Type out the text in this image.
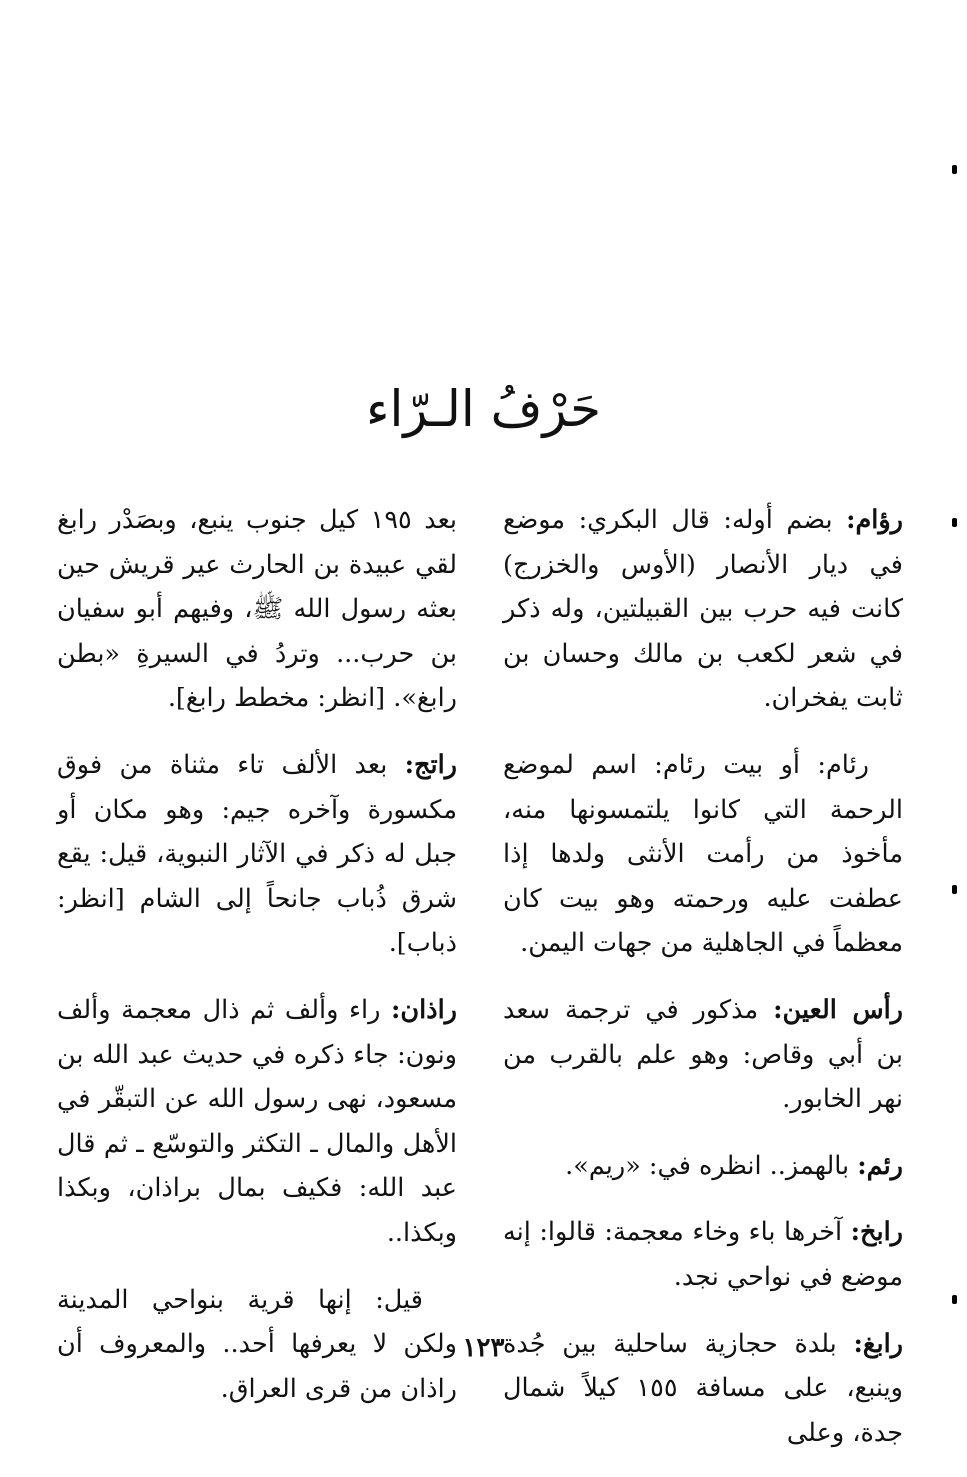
حَرْفُ الـرّاء

رؤام: بضم أوله: قال البكري: موضع في ديار الأنصار (الأوس والخزرج) كانت فيه حرب بين القبيلتين، وله ذكر في شعر لكعب بن مالك وحسان بن ثابت يفخران.

رئام: أو بيت رئام: اسم لموضع الرحمة التي كانوا يلتمسونها منه، مأخوذ من رأمت الأنثى ولدها إذا عطفت عليه ورحمته وهو بيت كان معظماً في الجاهلية من جهات اليمن.

رأس العين: مذكور في ترجمة سعد بن أبي وقاص: وهو علم بالقرب من نهر الخابور.

رئم: بالهمز.. انظره في: «ريم».

رابخ: آخرها باء وخاء معجمة: قالوا: إنه موضع في نواحي نجد.

رابغ: بلدة حجازية ساحلية بين جُدة وينبع، على مسافة ١٥٥ كيلاً شمال جدة، وعلى

بعد ١٩٥ كيل جنوب ينبع، وبصَدْر رابغ لقي عبيدة بن الحارث عير قريش حين بعثه رسول الله ﷺ، وفيهم أبو سفيان بن حرب... وتردُ في السيرةِ «بطن رابغ». [انظر: مخطط رابغ].

راتج: بعد الألف تاء مثناة من فوق مكسورة وآخره جيم: وهو مكان أو جبل له ذكر في الآثار النبوية، قيل: يقع شرق ذُباب جانحاً إلى الشام [انظر: ذباب].

راذان: راء وألف ثم ذال معجمة وألف ونون: جاء ذكره في حديث عبد الله بن مسعود، نهى رسول الله عن التبقّر في الأهل والمال ـ التكثر والتوسّع ـ ثم قال عبد الله: فكيف بمال براذان، وبكذا وبكذا..

قيل: إنها قرية بنواحي المدينة ولكن لا يعرفها أحد.. والمعروف أن راذان من قرى العراق.

١٢٣
